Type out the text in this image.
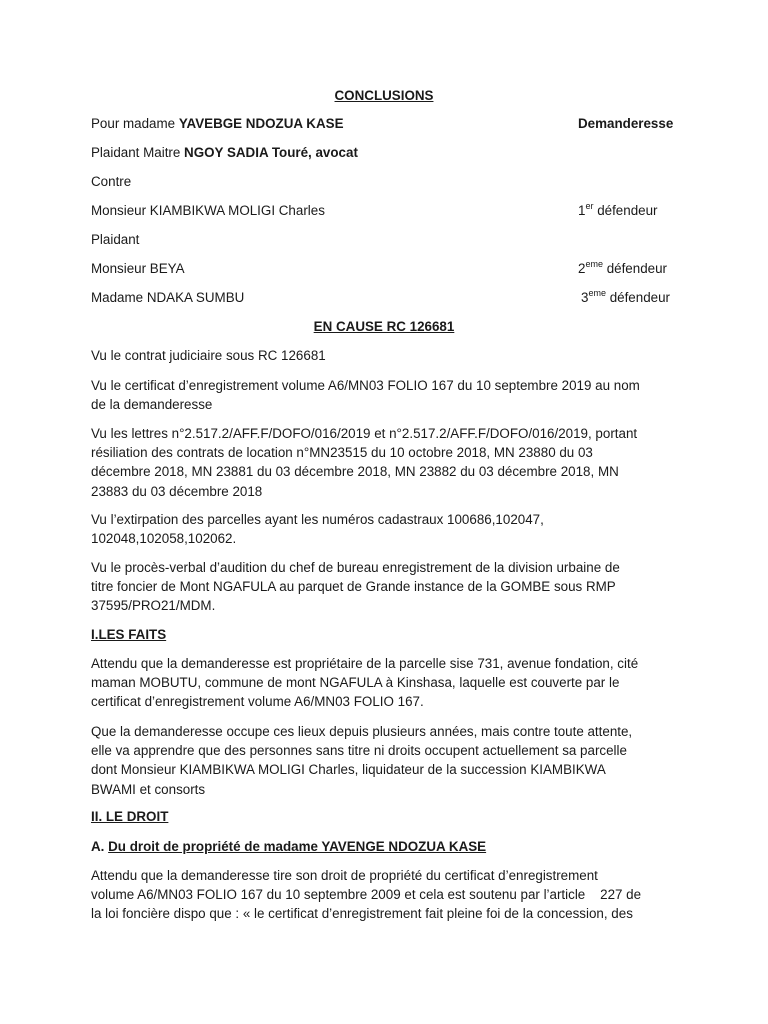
CONCLUSIONS
Pour madame YAVEBGE NDOZUA KASE	Demanderesse
Plaidant Maitre NGOY SADIA Touré, avocat
Contre
Monsieur KIAMBIKWA MOLIGI Charles	1er défendeur
Plaidant
Monsieur BEYA	2eme défendeur
Madame NDAKA SUMBU	3eme défendeur
EN CAUSE RC 126681
Vu le contrat judiciaire sous RC 126681
Vu le certificat d’enregistrement volume A6/MN03 FOLIO 167 du 10 septembre 2019 au nom
de la demanderesse
Vu les lettres n°2.517.2/AFF.F/DOFO/016/2019 et n°2.517.2/AFF.F/DOFO/016/2019, portant
résiliation des contrats de location n°MN23515 du 10 octobre 2018, MN 23880 du 03
décembre 2018, MN 23881 du 03 décembre 2018, MN 23882 du 03 décembre 2018, MN
23883 du 03 décembre 2018
Vu l’extirpation des parcelles ayant les numéros cadastraux 100686,102047,
102048,102058,102062.
Vu le procès-verbal d’audition du chef de bureau enregistrement de la division urbaine de
titre foncier de Mont NGAFULA au parquet de Grande instance de la GOMBE sous RMP
37595/PRO21/MDM.
I.LES FAITS
Attendu que la demanderesse est propriétaire de la parcelle sise 731, avenue fondation, cité
maman MOBUTU, commune de mont NGAFULA à Kinshasa, laquelle est couverte par le
certificat d’enregistrement volume A6/MN03 FOLIO 167.
Que la demanderesse occupe ces lieux depuis plusieurs années, mais contre toute attente,
elle va apprendre que des personnes sans titre ni droits occupent actuellement sa parcelle
dont Monsieur KIAMBIKWA MOLIGI Charles, liquidateur de la succession KIAMBIKWA
BWAMI et consorts
II. LE DROIT
A. Du droit de propriété de madame YAVENGE NDOZUA KASE
Attendu que la demanderesse tire son droit de propriété du certificat d’enregistrement
volume A6/MN03 FOLIO 167 du 10 septembre 2009 et cela est soutenu par l’article    227 de
la loi foncière dispo que : « le certificat d’enregistrement fait pleine foi de la concession, des
